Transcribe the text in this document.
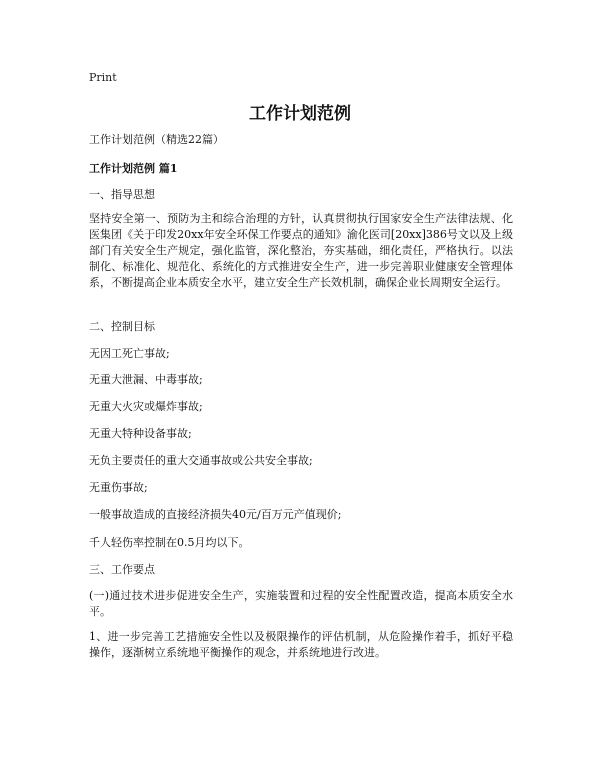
Print
工作计划范例
工作计划范例（精选22篇）
工作计划范例 篇1
一、指导思想
坚持安全第一、预防为主和综合治理的方针，认真贯彻执行国家安全生产法律法规、化医集团《关于印发20xx年安全环保工作要点的通知》渝化医司[20xx]386号文以及上级部门有关安全生产规定，强化监管，深化整治，夯实基础，细化责任，严格执行。以法制化、标准化、规范化、系统化的方式推进安全生产，进一步完善职业健康安全管理体系，不断提高企业本质安全水平，建立安全生产长效机制，确保企业长周期安全运行。
二、控制目标
无因工死亡事故;
无重大泄漏、中毒事故;
无重大火灾或爆炸事故;
无重大特种设备事故;
无负主要责任的重大交通事故或公共安全事故;
无重伤事故;
一般事故造成的直接经济损失40元/百万元产值现价;
千人轻伤率控制在0.5月均以下。
三、工作要点
(一)通过技术进步促进安全生产，实施装置和过程的安全性配置改造，提高本质安全水平。
1、进一步完善工艺措施安全性以及极限操作的评估机制，从危险操作着手，抓好平稳操作，逐渐树立系统地平衡操作的观念，并系统地进行改进。
